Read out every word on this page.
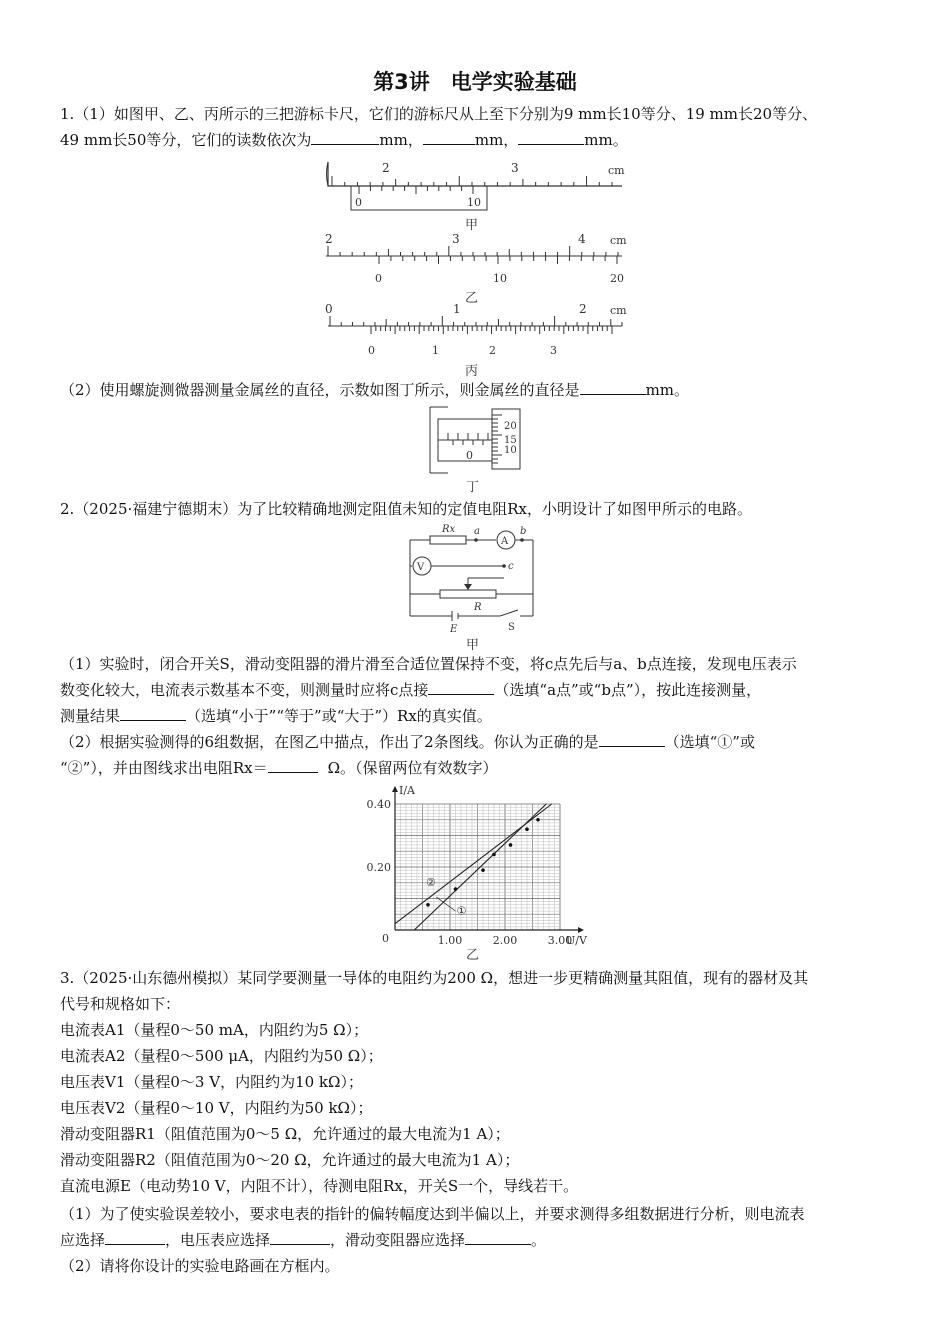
第3讲　电学实验基础
1.（1）如图甲、乙、丙所示的三把游标卡尺，它们的游标尺从上至下分别为9 mm长10等分、19 mm长20等分、
49 mm长50等分，它们的读数依次为	mm，	mm，	mm。
2	3	cm
0	10
甲
2	3	4 cm
0	10	20
乙
0	1	2 cm
0	1	2	3
丙
（2）使用螺旋测微器测量金属丝的直径，示数如图丁所示，则金属丝的直径是	mm。
0
20
15
10
丁
2.（2025·福建宁德期末）为了比较精确地测定阻值未知的定值电阻Rx，小明设计了如图甲所示的电路。
Rx a	b
A
V	c
R
E	S
甲
（1）实验时，闭合开关S，滑动变阻器的滑片滑至合适位置保持不变，将c点先后与a、b点连接，发现电压表示
数变化较大，电流表示数基本不变，则测量时应将c点接	（选填“a点”或“b点”），按此连接测量，
测量结果	（选填“小于”“等于”或“大于”）Rx的真实值。
（2）根据实验测得的6组数据，在图乙中描点，作出了2条图线。你认为正确的是	（选填“①”或
“②”），并由图线求出电阻Rx＝	Ω。（保留两位有效数字）
1.00	2.00	3.00
0.20
0.40
0
I/A
U/V
②
①
乙
3.（2025·山东德州模拟）某同学要测量一导体的电阻约为200 Ω，想进一步更精确测量其阻值，现有的器材及其
代号和规格如下：
电流表A1（量程0～50 mA，内阻约为5 Ω）；
电流表A2（量程0～500 μA，内阻约为50 Ω）；
电压表V1（量程0～3 V，内阻约为10 kΩ）；
电压表V2（量程0～10 V，内阻约为50 kΩ）；
滑动变阻器R1（阻值范围为0～5 Ω，允许通过的最大电流为1 A）；
滑动变阻器R2（阻值范围为0～20 Ω，允许通过的最大电流为1 A）；
直流电源E（电动势10 V，内阻不计），待测电阻Rx，开关S一个，导线若干。
（1）为了使实验误差较小，要求电表的指针的偏转幅度达到半偏以上，并要求测得多组数据进行分析，则电流表
应选择	，电压表应选择	，滑动变阻器应选择	。
（2）请将你设计的实验电路画在方框内。
